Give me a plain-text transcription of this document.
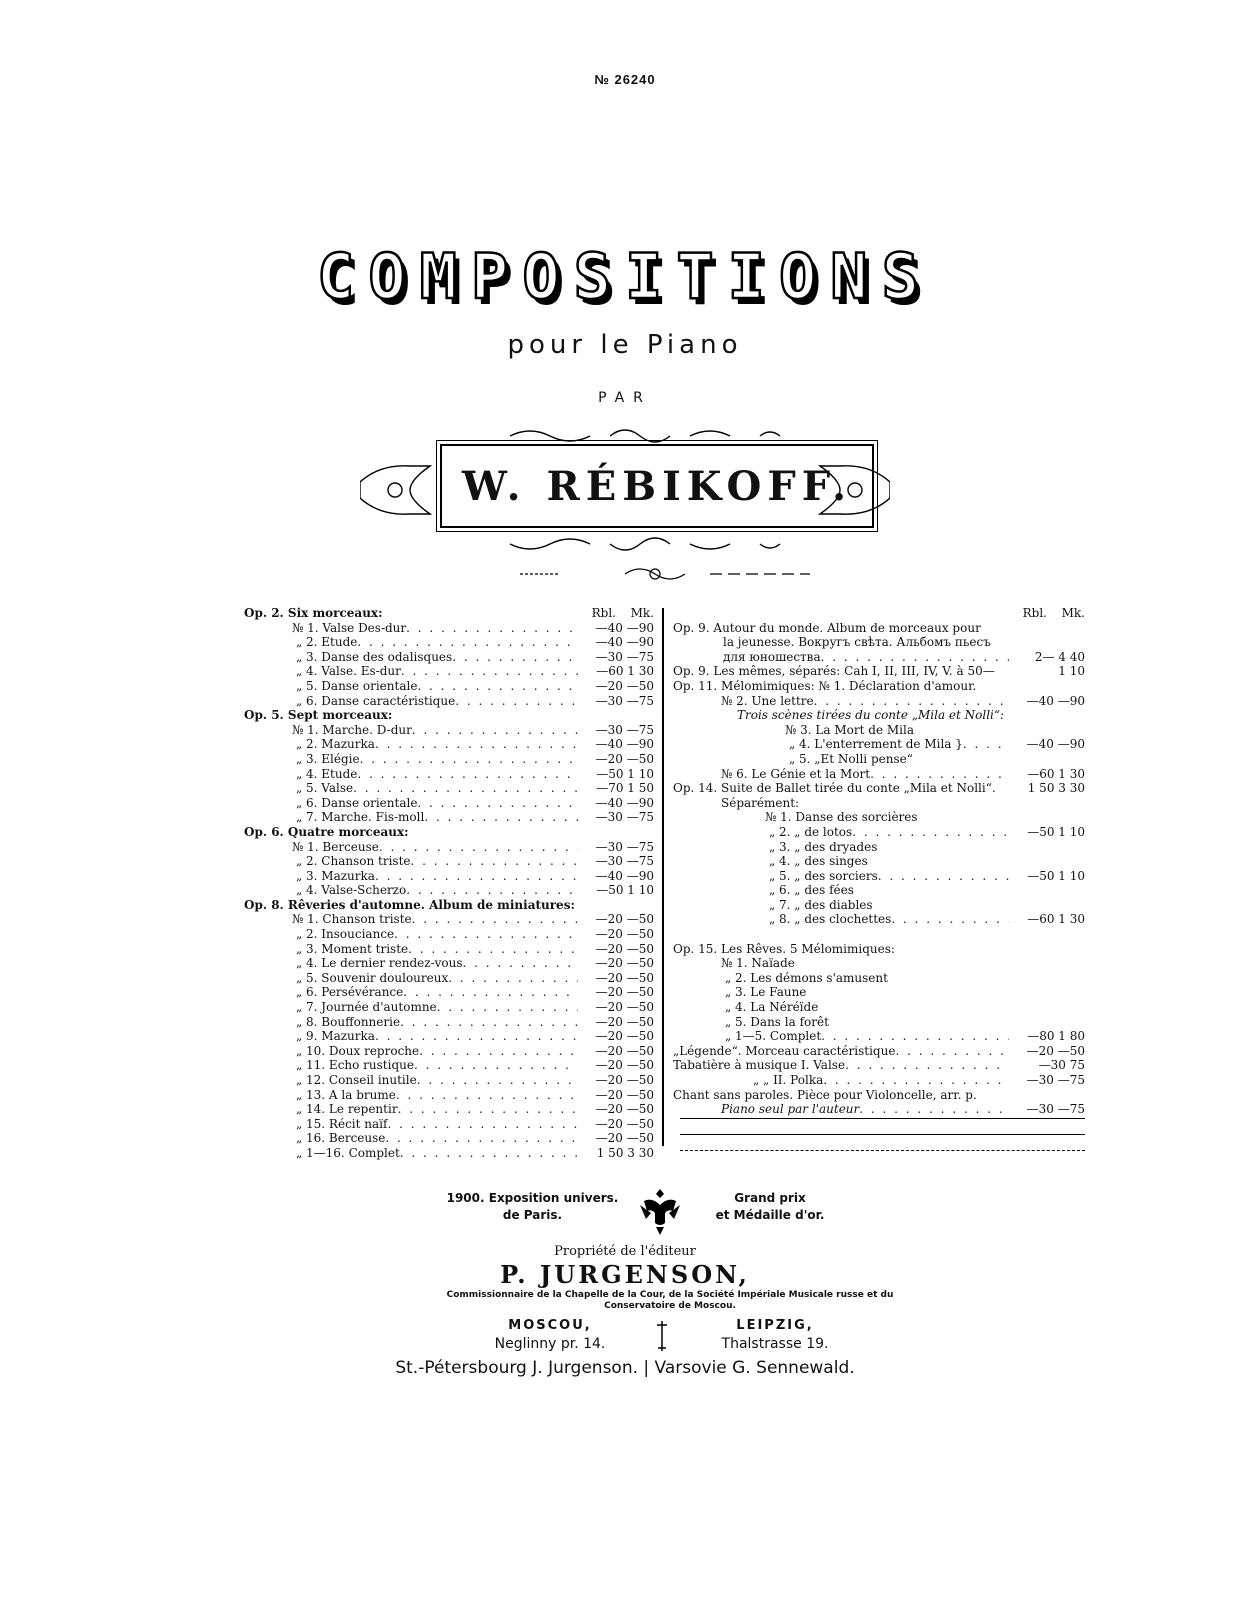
№ 26240
COMPOSITIONS
pour le Piano
PAR
W. RÉBIKOFF.
Rbl.	Mk.
Op. 2. Six morceaux:
№ 1. Valse Des-dur . . .	—40 —90
„ 2. Etude . . .	—40 —90
„ 3. Danse des odalisques . . .	—30 —75
„ 4. Valse. Es-dur . . .	—60 1 30
„ 5. Danse orientale . . .	—20 —50
„ 6. Danse caractéristique . . .	—30 —75
Op. 5. Sept morceaux:
№ 1. Marche. D-dur . . .	—30 —75
„ 2. Mazurka . . .	—40 —90
„ 3. Elégie . . .	—20 —50
„ 4. Etude . . .	—50 1 10
„ 5. Valse . . .	—70 1 50
„ 6. Danse orientale . . .	—40 —90
„ 7. Marche. Fis-moll . . .	—30 —75
Op. 6. Quatre morceaux:
№ 1. Berceuse . . .	—30 —75
„ 2. Chanson triste . . .	—30 —75
„ 3. Mazurka . . .	—40 —90
„ 4. Valse-Scherzo . . .	—50 1 10
Op. 8. Rêveries d'automne. Album de miniatures:
№ 1. Chanson triste . . .	—20 —50
„ 2. Insouciance . . .	—20 —50
„ 3. Moment triste . . .	—20 —50
„ 4. Le dernier rendez-vous . . .	—20 —50
„ 5. Souvenir douloureux . . .	—20 —50
„ 6. Persévérance . . .	—20 —50
„ 7. Journée d'automne . . .	—20 —50
„ 8. Bouffonnerie . . .	—20 —50
„ 9. Mazurka . . .	—20 —50
„ 10. Doux reproche . . .	—20 —50
„ 11. Echo rustique . . .	—20 —50
„ 12. Conseil inutile . . .	—20 —50
„ 13. A la brume . . .	—20 —50
„ 14. Le repentir . . .	—20 —50
„ 15. Récit naïf . . .	—20 —50
„ 16. Berceuse . . .	—20 —50
„ 1—16. Complet . . .	1 50 3 30
Rbl.	Mk.
Op. 9. Autour du monde. Album de morceaux pour
la jeunesse. Вокругъ свѣта. Альбомъ пьесъ
для юношества . . .	2— 4 40
Op. 9. Les mêmes, séparés: Cah I, II, III, IV, V. à 50—	1 10
Op. 11. Mélomimiques: № 1. Déclaration d'amour.
№ 2. Une lettre . . .	—40 —90
Trois scènes tirées du conte „Mila et Nolli“:
№ 3. La Mort de Mila
„ 4. L'enterrement de Mila } . . .	—40 —90
„ 5. „Et Nolli pense“
№ 6. Le Génie et la Mort . . .	—60 1 30
Op. 14. Suite de Ballet tirée du conte „Mila et Nolli“.	1 50 3 30
Séparément:
№ 1. Danse des sorcières
„ 2. „ de lotos . . .	—50 1 10
„ 3. „ des dryades
„ 4. „ des singes
„ 5. „ des sorciers . . .	—50 1 10
„ 6. „ des fées
„ 7. „ des diables
„ 8. „ des clochettes . . .	—60 1 30
Op. 15. Les Rêves. 5 Mélomimiques:
№ 1. Naïade
„ 2. Les démons s'amusent
„ 3. Le Faune
„ 4. La Néréïde
„ 5. Dans la forêt
„ 1—5. Complet . . .	—80 1 80
„Légende“. Morceau caractéristique . . .	—20 —50
Tabatière à musique I. Valse . . .	—30 75
„ „ II. Polka . . .	—30 —75
Chant sans paroles. Pièce pour Violoncelle, arr. p.
Piano seul par l'auteur . . .	—30 —75
1900. Exposition univers.
de Paris.
Grand prix
et Médaille d'or.
Propriété de l'éditeur
P. JURGENSON,
Commissionnaire de la Chapelle de la Cour, de la Société Impériale Musicale russe et du Conservatoire de Moscou.
MOSCOU,
Neglinny pr. 14.
LEIPZIG,
Thalstrasse 19.
St.-Pétersbourg J. Jurgenson. | Varsovie G. Sennewald.
